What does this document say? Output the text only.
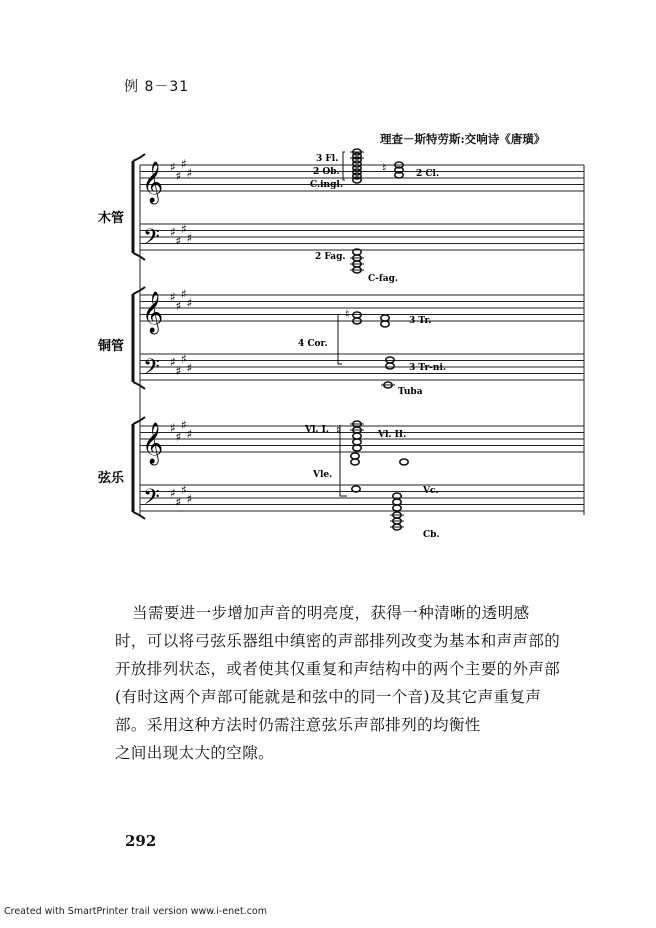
例 8－31
理查－斯特劳斯:交响诗《唐璜》
𝄞
𝄢
𝄞
𝄢
𝄞
𝄢
♯
♯
♯
♯
♯
♯
♯
♯
♯
♯
♯
♯
♯
♯
♯
♯
♯
♯
♯
♯
♯
♯
♯
♯
木管
铜管
弦乐
3 Fl.
2 Ob.
C.ingl.
2 Cl.
2 Fag.
C-fag.
4 Cor.
3 Tr.
3 Tr-ni.
Tuba
Vl. I.	Vl. II.
Vle.
Vc.
Cb.
♮
♮
♮
当需要进一步增加声音的明亮度，获得一种清晰的透明感
时，可以将弓弦乐器组中缜密的声部排列改变为基本和声声部的
开放排列状态，或者使其仅重复和声结构中的两个主要的外声部
(有时这两个声部可能就是和弦中的同一个音)及其它声重复声
部。采用这种方法时仍需注意弦乐声部排列的均衡性
之间出现太大的空隙。
292
Created with SmartPrinter trail version www.i-enet.com
